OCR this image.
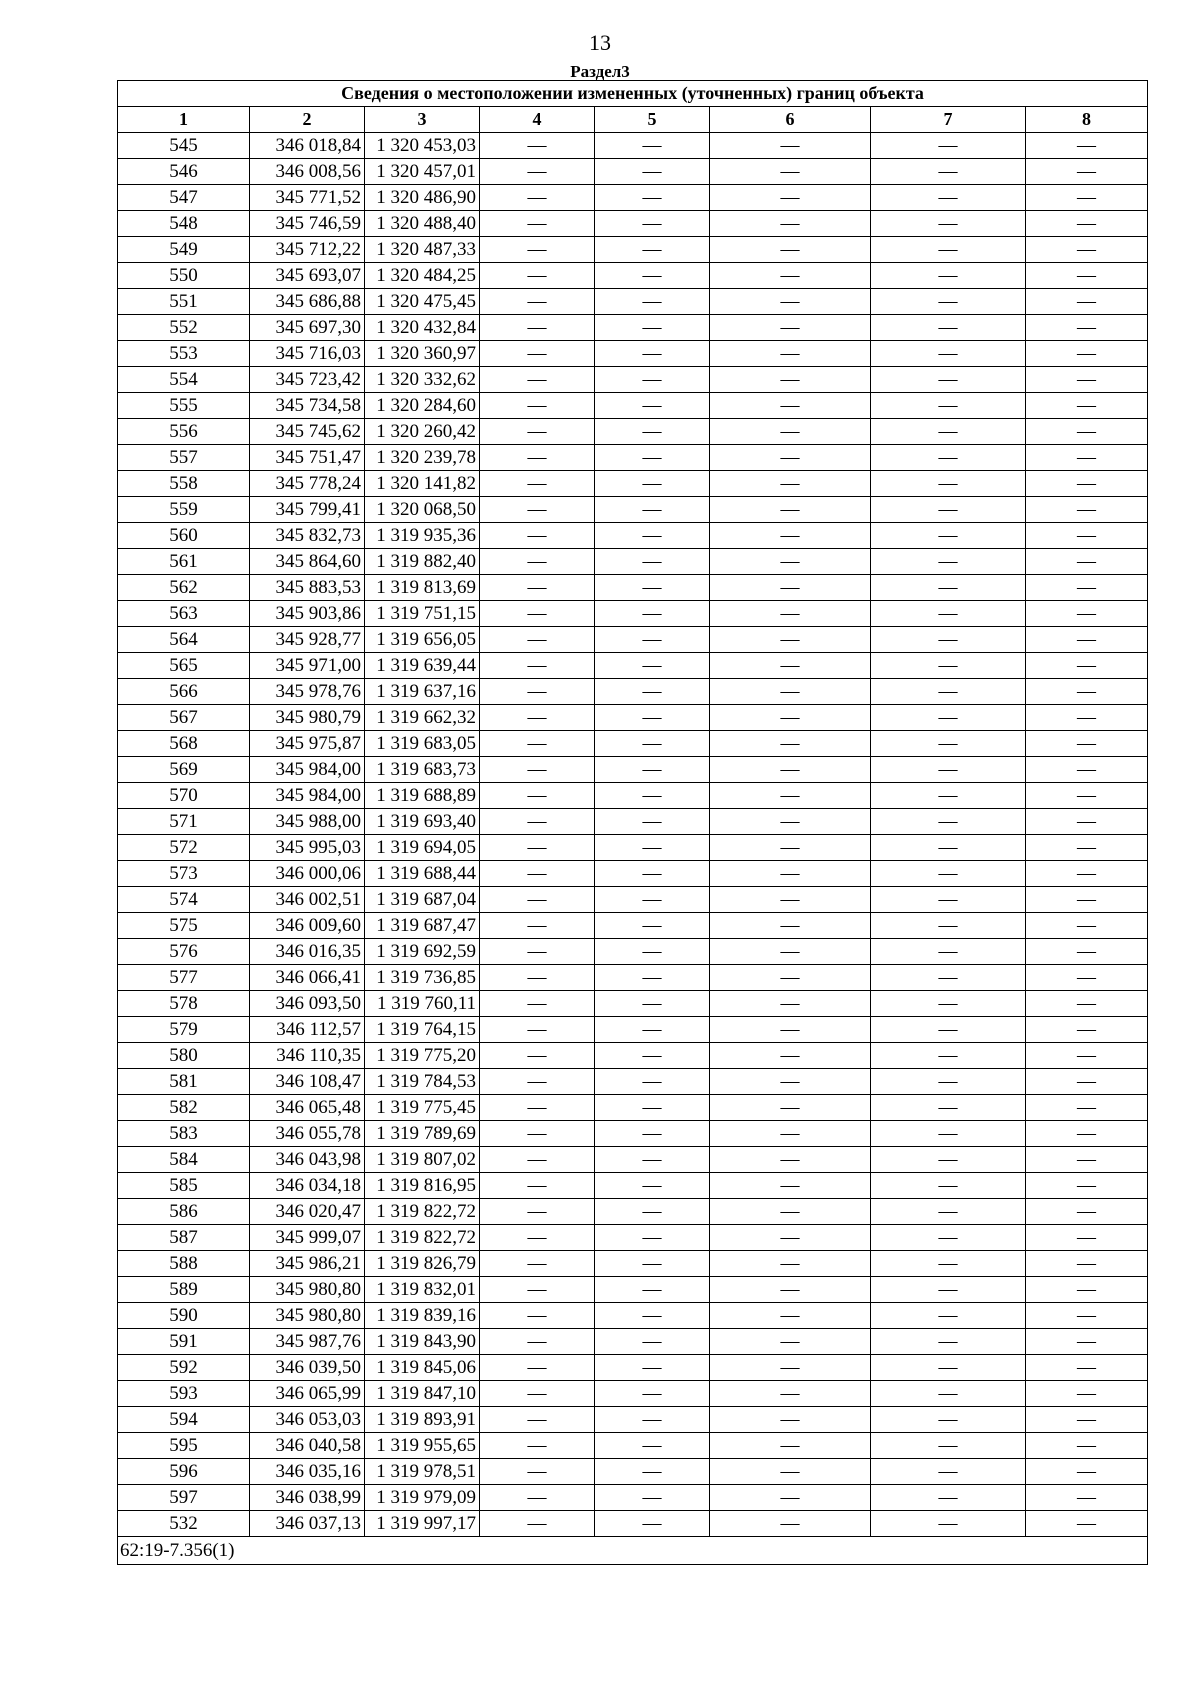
13
Раздел3
Сведения о местоположении измененных (уточненных) границ объекта							
1	2	3	4	5	6	7	8
545	346 018,84	1 320 453,03	—	—	—	—	—
546	346 008,56	1 320 457,01	—	—	—	—	—
547	345 771,52	1 320 486,90	—	—	—	—	—
548	345 746,59	1 320 488,40	—	—	—	—	—
549	345 712,22	1 320 487,33	—	—	—	—	—
550	345 693,07	1 320 484,25	—	—	—	—	—
551	345 686,88	1 320 475,45	—	—	—	—	—
552	345 697,30	1 320 432,84	—	—	—	—	—
553	345 716,03	1 320 360,97	—	—	—	—	—
554	345 723,42	1 320 332,62	—	—	—	—	—
555	345 734,58	1 320 284,60	—	—	—	—	—
556	345 745,62	1 320 260,42	—	—	—	—	—
557	345 751,47	1 320 239,78	—	—	—	—	—
558	345 778,24	1 320 141,82	—	—	—	—	—
559	345 799,41	1 320 068,50	—	—	—	—	—
560	345 832,73	1 319 935,36	—	—	—	—	—
561	345 864,60	1 319 882,40	—	—	—	—	—
562	345 883,53	1 319 813,69	—	—	—	—	—
563	345 903,86	1 319 751,15	—	—	—	—	—
564	345 928,77	1 319 656,05	—	—	—	—	—
565	345 971,00	1 319 639,44	—	—	—	—	—
566	345 978,76	1 319 637,16	—	—	—	—	—
567	345 980,79	1 319 662,32	—	—	—	—	—
568	345 975,87	1 319 683,05	—	—	—	—	—
569	345 984,00	1 319 683,73	—	—	—	—	—
570	345 984,00	1 319 688,89	—	—	—	—	—
571	345 988,00	1 319 693,40	—	—	—	—	—
572	345 995,03	1 319 694,05	—	—	—	—	—
573	346 000,06	1 319 688,44	—	—	—	—	—
574	346 002,51	1 319 687,04	—	—	—	—	—
575	346 009,60	1 319 687,47	—	—	—	—	—
576	346 016,35	1 319 692,59	—	—	—	—	—
577	346 066,41	1 319 736,85	—	—	—	—	—
578	346 093,50	1 319 760,11	—	—	—	—	—
579	346 112,57	1 319 764,15	—	—	—	—	—
580	346 110,35	1 319 775,20	—	—	—	—	—
581	346 108,47	1 319 784,53	—	—	—	—	—
582	346 065,48	1 319 775,45	—	—	—	—	—
583	346 055,78	1 319 789,69	—	—	—	—	—
584	346 043,98	1 319 807,02	—	—	—	—	—
585	346 034,18	1 319 816,95	—	—	—	—	—
586	346 020,47	1 319 822,72	—	—	—	—	—
587	345 999,07	1 319 822,72	—	—	—	—	—
588	345 986,21	1 319 826,79	—	—	—	—	—
589	345 980,80	1 319 832,01	—	—	—	—	—
590	345 980,80	1 319 839,16	—	—	—	—	—
591	345 987,76	1 319 843,90	—	—	—	—	—
592	346 039,50	1 319 845,06	—	—	—	—	—
593	346 065,99	1 319 847,10	—	—	—	—	—
594	346 053,03	1 319 893,91	—	—	—	—	—
595	346 040,58	1 319 955,65	—	—	—	—	—
596	346 035,16	1 319 978,51	—	—	—	—	—
597	346 038,99	1 319 979,09	—	—	—	—	—
532	346 037,13	1 319 997,17	—	—	—	—	—
62:19-7.356(1)							
